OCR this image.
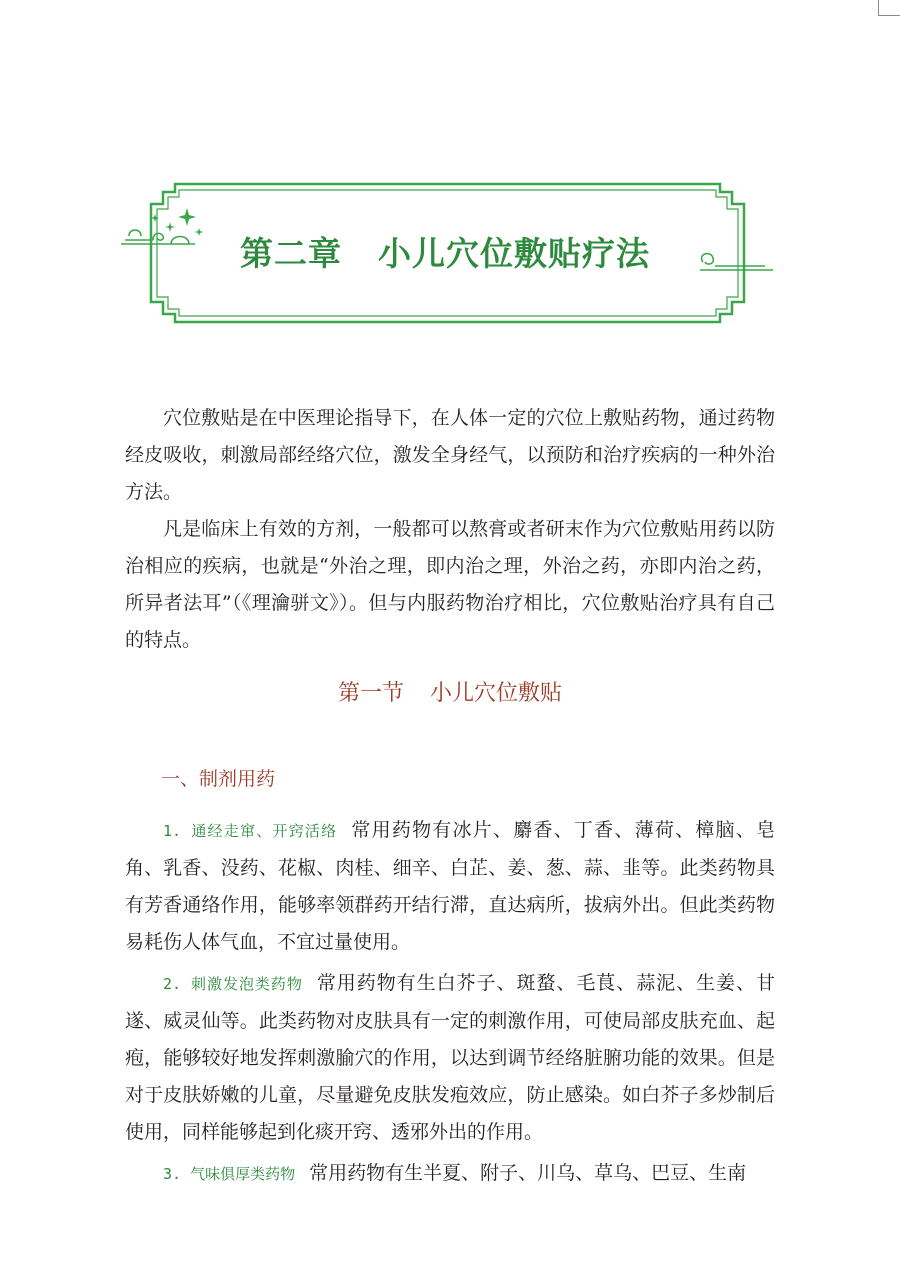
第二章 小儿穴位敷贴疗法

穴位敷贴是在中医理论指导下，在人体一定的穴位上敷贴药物，通过药物经皮吸收，刺激局部经络穴位，激发全身经气，以预防和治疗疾病的一种外治方法。

凡是临床上有效的方剂，一般都可以熬膏或者研末作为穴位敷贴用药以防治相应的疾病，也就是“外治之理，即内治之理，外治之药，亦即内治之药，所异者法耳”（《理瀹骈文》）。但与内服药物治疗相比，穴位敷贴治疗具有自己的特点。

第一节 小儿穴位敷贴
一、制剂用药

1. 通经走窜、开窍活络 常用药物有冰片、麝香、丁香、薄荷、樟脑、皂角、乳香、没药、花椒、肉桂、细辛、白芷、姜、葱、蒜、韭等。此类药物具有芳香通络作用，能够率领群药开结行滞，直达病所，拔病外出。但此类药物易耗伤人体气血，不宜过量使用。

2. 刺激发泡类药物 常用药物有生白芥子、斑蝥、毛茛、蒜泥、生姜、甘遂、威灵仙等。此类药物对皮肤具有一定的刺激作用，可使局部皮肤充血、起疱，能够较好地发挥刺激腧穴的作用，以达到调节经络脏腑功能的效果。但是对于皮肤娇嫩的儿童，尽量避免皮肤发疱效应，防止感染。如白芥子多炒制后使用，同样能够起到化痰开窍、透邪外出的作用。

3. 气味俱厚类药物 常用药物有生半夏、附子、川乌、草乌、巴豆、生南
